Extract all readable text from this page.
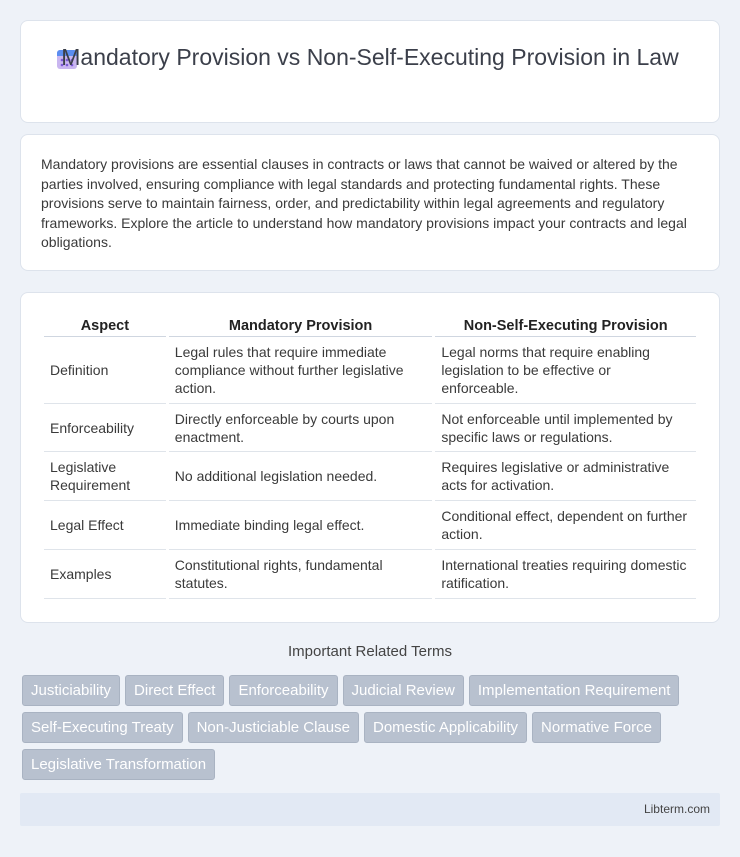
Mandatory Provision vs Non-Self-Executing Provision in Law

Mandatory provisions are essential clauses in contracts or laws that cannot be waived or altered by the parties involved, ensuring compliance with legal standards and protecting fundamental rights. These provisions serve to maintain fairness, order, and predictability within legal agreements and regulatory frameworks. Explore the article to understand how mandatory provisions impact your contracts and legal obligations.

Aspect	Mandatory Provision	Non-Self-Executing Provision
Definition	Legal rules that require immediate compliance without further legislative action.	Legal norms that require enabling legislation to be effective or enforceable.
Enforceability	Directly enforceable by courts upon enactment.	Not enforceable until implemented by specific laws or regulations.
Legislative Requirement	No additional legislation needed.	Requires legislative or administrative acts for activation.
Legal Effect	Immediate binding legal effect.	Conditional effect, dependent on further action.
Examples	Constitutional rights, fundamental statutes.	International treaties requiring domestic ratification.
Important Related Terms
Justiciability	Direct Effect	Enforceability	Judicial Review	Implementation Requirement
Self-Executing Treaty	Non-Justiciable Clause	Domestic Applicability	Normative Force
Legislative Transformation
Libterm.com
